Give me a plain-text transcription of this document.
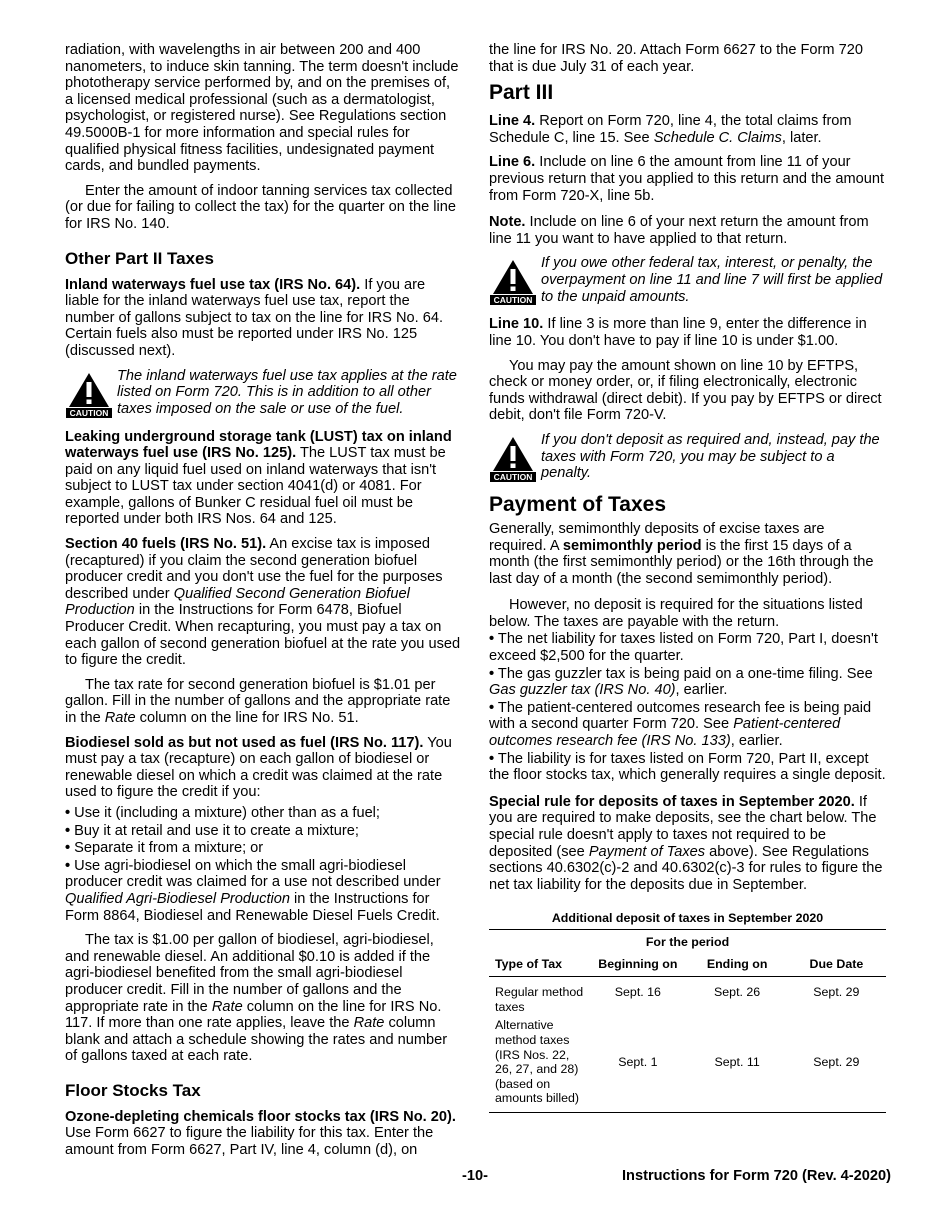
radiation, with wavelengths in air between 200 and 400 nanometers, to induce skin tanning. The term doesn't include phototherapy service performed by, and on the premises of, a licensed medical professional (such as a dermatologist, psychologist, or registered nurse). See Regulations section 49.5000B-1 for more information and special rules for qualified physical fitness facilities, undesignated payment cards, and bundled payments.

Enter the amount of indoor tanning services tax collected (or due for failing to collect the tax) for the quarter on the line for IRS No. 140.

Other Part II Taxes

Inland waterways fuel use tax (IRS No. 64). If you are liable for the inland waterways fuel use tax, report the number of gallons subject to tax on the line for IRS No. 64. Certain fuels also must be reported under IRS No. 125 (discussed next).

CAUTION
The inland waterways fuel use tax applies at the rate listed on Form 720. This is in addition to all other taxes imposed on the sale or use of the fuel.

Leaking underground storage tank (LUST) tax on inland waterways fuel use (IRS No. 125). The LUST tax must be paid on any liquid fuel used on inland waterways that isn't subject to LUST tax under section 4041(d) or 4081. For example, gallons of Bunker C residual fuel oil must be reported under both IRS Nos. 64 and 125.

Section 40 fuels (IRS No. 51). An excise tax is imposed (recaptured) if you claim the second generation biofuel producer credit and you don't use the fuel for the purposes described under Qualified Second Generation Biofuel Production in the Instructions for Form 6478, Biofuel Producer Credit. When recapturing, you must pay a tax on each gallon of second generation biofuel at the rate you used to figure the credit.

The tax rate for second generation biofuel is $1.01 per gallon. Fill in the number of gallons and the appropriate rate in the Rate column on the line for IRS No. 51.

Biodiesel sold as but not used as fuel (IRS No. 117). You must pay a tax (recapture) on each gallon of biodiesel or renewable diesel on which a credit was claimed at the rate used to figure the credit if you:

• Use it (including a mixture) other than as a fuel;
• Buy it at retail and use it to create a mixture;
• Separate it from a mixture; or

• Use agri-biodiesel on which the small agri-biodiesel producer credit was claimed for a use not described under Qualified Agri-Biodiesel Production in the Instructions for Form 8864, Biodiesel and Renewable Diesel Fuels Credit.

The tax is $1.00 per gallon of biodiesel, agri-biodiesel, and renewable diesel. An additional $0.10 is added if the agri-biodiesel benefited from the small agri-biodiesel producer credit. Fill in the number of gallons and the appropriate rate in the Rate column on the line for IRS No. 117. If more than one rate applies, leave the Rate column blank and attach a schedule showing the rates and number of gallons taxed at each rate.

Floor Stocks Tax

Ozone-depleting chemicals floor stocks tax (IRS No. 20). Use Form 6627 to figure the liability for this tax. Enter the amount from Form 6627, Part IV, line 4, column (d), on

the line for IRS No. 20. Attach Form 6627 to the Form 720 that is due July 31 of each year.

Part III

Line 4. Report on Form 720, line 4, the total claims from Schedule C, line 15. See Schedule C. Claims, later.

Line 6. Include on line 6 the amount from line 11 of your previous return that you applied to this return and the amount from Form 720-X, line 5b.

Note. Include on line 6 of your next return the amount from line 11 you want to have applied to that return.

CAUTION
If you owe other federal tax, interest, or penalty, the overpayment on line 11 and line 7 will first be applied to the unpaid amounts.

Line 10. If line 3 is more than line 9, enter the difference in line 10. You don't have to pay if line 10 is under $1.00.

You may pay the amount shown on line 10 by EFTPS, check or money order, or, if filing electronically, electronic funds withdrawal (direct debit). If you pay by EFTPS or direct debit, don't file Form 720-V.

CAUTION
If you don't deposit as required and, instead, pay the taxes with Form 720, you may be subject to a penalty.
Payment of Taxes

Generally, semimonthly deposits of excise taxes are required. A semimonthly period is the first 15 days of a month (the first semimonthly period) or the 16th through the last day of a month (the second semimonthly period).

However, no deposit is required for the situations listed below. The taxes are payable with the return.

• The net liability for taxes listed on Form 720, Part I, doesn't exceed $2,500 for the quarter.
• The gas guzzler tax is being paid on a one-time filing. See Gas guzzler tax (IRS No. 40), earlier.
• The patient-centered outcomes research fee is being paid with a second quarter Form 720. See Patient-centered outcomes research fee (IRS No. 133), earlier.
• The liability is for taxes listed on Form 720, Part II, except the floor stocks tax, which generally requires a single deposit.

Special rule for deposits of taxes in September 2020. If you are required to make deposits, see the chart below. The special rule doesn't apply to taxes not required to be deposited (see Payment of Taxes above). See Regulations sections 40.6302(c)-2 and 40.6302(c)-3 for rules to figure the net tax liability for the deposits due in September.

Additional deposit of taxes in September 2020
For the period
Type of Tax	Beginning on	Ending on	Due Date
Regular method taxes	Sept. 16	Sept. 26	Sept. 29
Alternative method taxes (IRS Nos. 22, 26, 27, and 28) (based on amounts billed)	Sept. 1	Sept. 11	Sept. 29
-10-	Instructions for Form 720 (Rev. 4-2020)
